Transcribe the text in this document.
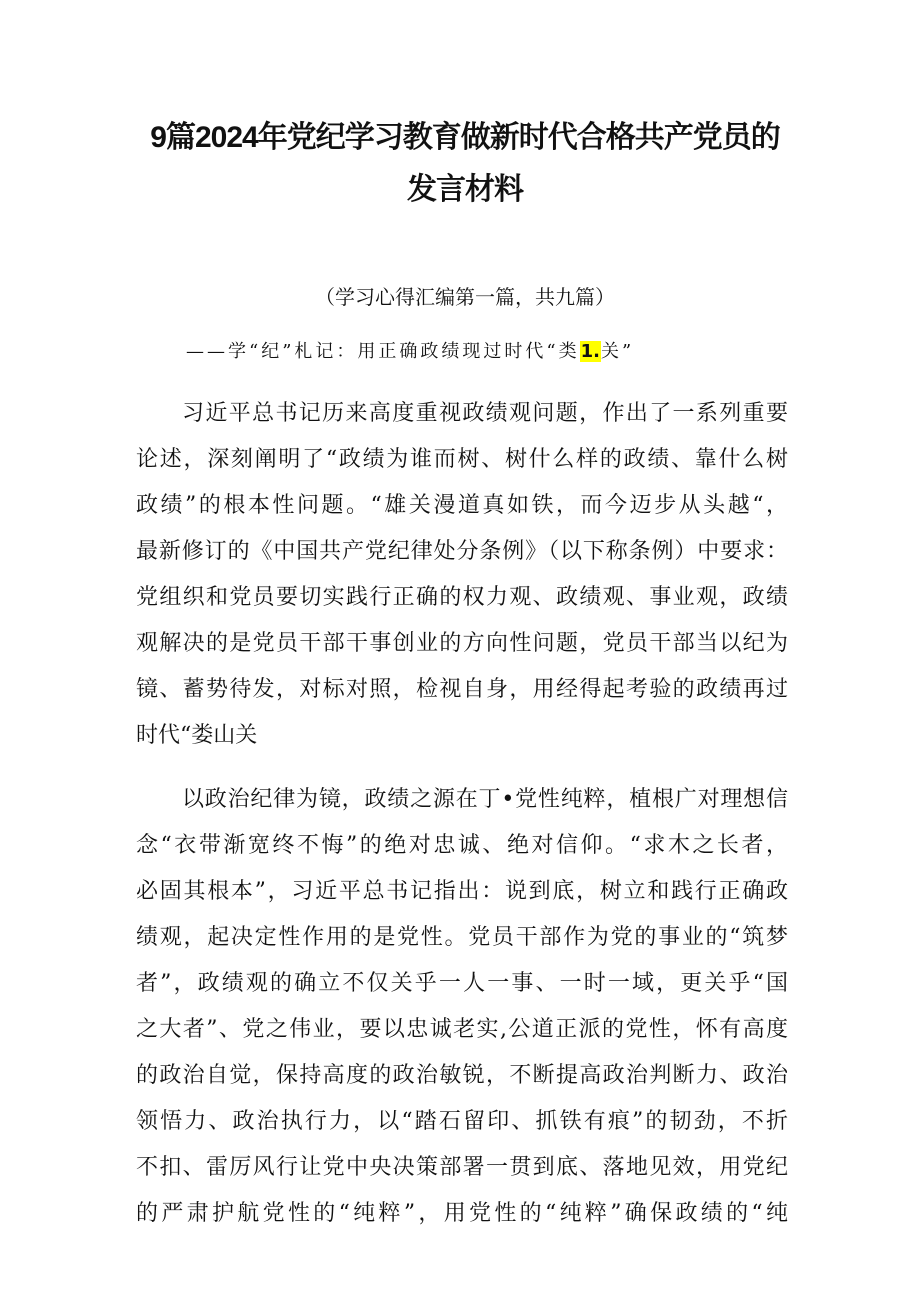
9篇2024年党纪学习教育做新时代合格共产党员的
发言材料
（学习心得汇编第一篇，共九篇）
——学“纪”札记：用正确政绩现过时代“类1.关”
习近平总书记历来高度重视政绩观问题，作出了一系列重要
论述，深刻阐明了“政绩为谁而树、树什么样的政绩、靠什么树
政绩”的根本性问题。“雄关漫道真如铁，而今迈步从头越“，
最新修订的《中国共产党纪律处分条例》（以下称条例）中要求：
党组织和党员要切实践行正确的权力观、政绩观、事业观，政绩
观解决的是党员干部干事创业的方向性问题，党员干部当以纪为
镜、蓄势待发，对标对照，检视自身，用经得起考验的政绩再过
时代“娄山关
以政治纪律为镜，政绩之源在丁•党性纯粹，植根广对理想信
念“衣带渐宽终不悔”的绝对忠诚、绝对信仰。“求木之长者，
必固其根本”，习近平总书记指出：说到底，树立和践行正确政
绩观，起决定性作用的是党性。党员干部作为党的事业的“筑梦
者”，政绩观的确立不仅关乎一人一事、一时一域，更关乎“国
之大者”、党之伟业，要以忠诚老实,公道正派的党性，怀有高度
的政治自觉，保持高度的政治敏锐，不断提高政治判断力、政治
领悟力、政治执行力，以“踏石留印、抓铁有痕”的韧劲，不折
不扣、雷厉风行让党中央决策部署一贯到底、落地见效，用党纪
的严肃护航党性的“纯粹”，用党性的“纯粹”确保政绩的“纯
